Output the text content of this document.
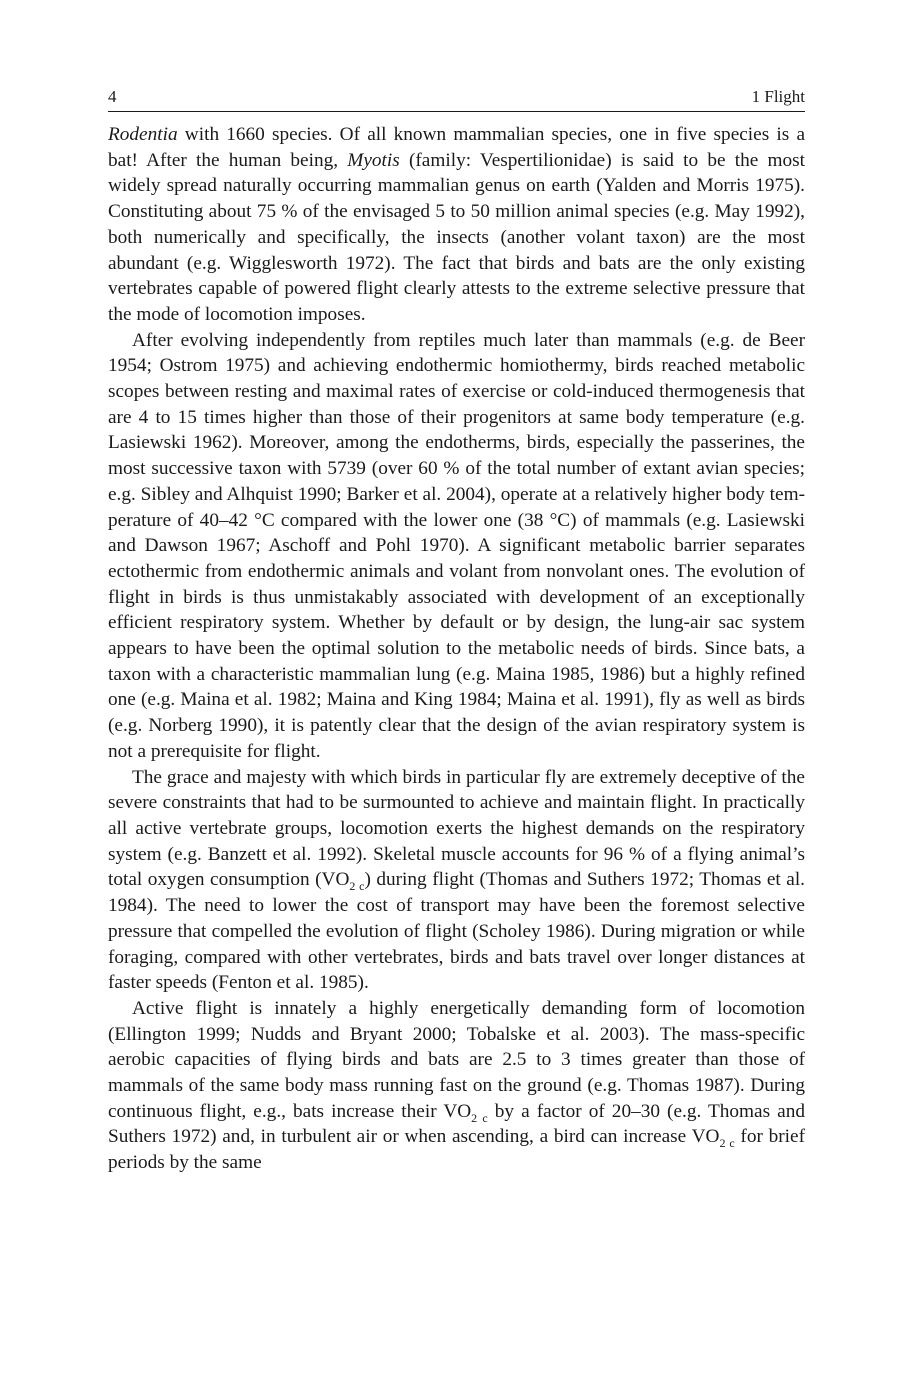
4	1 Flight

Rodentia with 1660 species. Of all known mammalian species, one in five species is a bat! After the human being, Myotis (family: Vespertilionidae) is said to be the most widely spread naturally occurring mammalian genus on earth (Yalden and Morris 1975). Constituting about 75 % of the envisaged 5 to 50 million animal species (e.g. May 1992), both numerically and specifically, the insects (another volant taxon) are the most abundant (e.g. Wigglesworth 1972). The fact that birds and bats are the only existing vertebrates capable of powered flight clearly attests to the extreme selective pressure that the mode of locomotion imposes.

After evolving independently from reptiles much later than mammals (e.g. de Beer 1954; Ostrom 1975) and achieving endothermic homiothermy, birds reached metabolic scopes between resting and maximal rates of exercise or cold-induced thermogenesis that are 4 to 15 times higher than those of their progenitors at same body temperature (e.g. Lasiewski 1962). Moreover, among the endotherms, birds, especially the passerines, the most successive taxon with 5739 (over 60 % of the total number of extant avian species; e.g. Sibley and Alhquist 1990; Barker et al. 2004), operate at a relatively higher body temperature of 40–42 °C compared with the lower one (38 °C) of mammals (e.g. Lasiewski and Dawson 1967; Aschoff and Pohl 1970). A significant metabolic barrier separates ectothermic from endothermic animals and volant from nonvolant ones. The evolution of flight in birds is thus unmistakably associated with development of an exceptionally efficient respiratory system. Whether by default or by design, the lung-air sac system appears to have been the optimal solution to the metabolic needs of birds. Since bats, a taxon with a characteristic mammalian lung (e.g. Maina 1985, 1986) but a highly refined one (e.g. Maina et al. 1982; Maina and King 1984; Maina et al. 1991), fly as well as birds (e.g. Norberg 1990), it is patently clear that the design of the avian respiratory system is not a prerequisite for flight.

The grace and majesty with which birds in particular fly are extremely deceptive of the severe constraints that had to be surmounted to achieve and maintain flight. In practically all active vertebrate groups, locomotion exerts the highest demands on the respiratory system (e.g. Banzett et al. 1992). Skeletal muscle accounts for 96 % of a flying animal’s total oxygen consumption $(VO_{2 c})$ during flight (Thomas and Suthers 1972; Thomas et al. 1984). The need to lower the cost of transport may have been the foremost selective pressure that compelled the evolution of flight (Scholey 1986). During migration or while foraging, compared with other vertebrates, birds and bats travel over longer distances at faster speeds (Fenton et al. 1985).

Active flight is innately a highly energetically demanding form of locomotion (Ellington 1999; Nudds and Bryant 2000; Tobalske et al. 2003). The mass-specific aerobic capacities of flying birds and bats are 2.5 to 3 times greater than those of mammals of the same body mass running fast on the ground (e.g. Thomas 1987). During continuous flight, e.g., bats increase their $VO_{2 c}$ by a factor of 20–30 (e.g. Thomas and Suthers 1972) and, in turbulent air or when ascending, a bird can increase $VO_{2 c}$ for brief periods by the same
